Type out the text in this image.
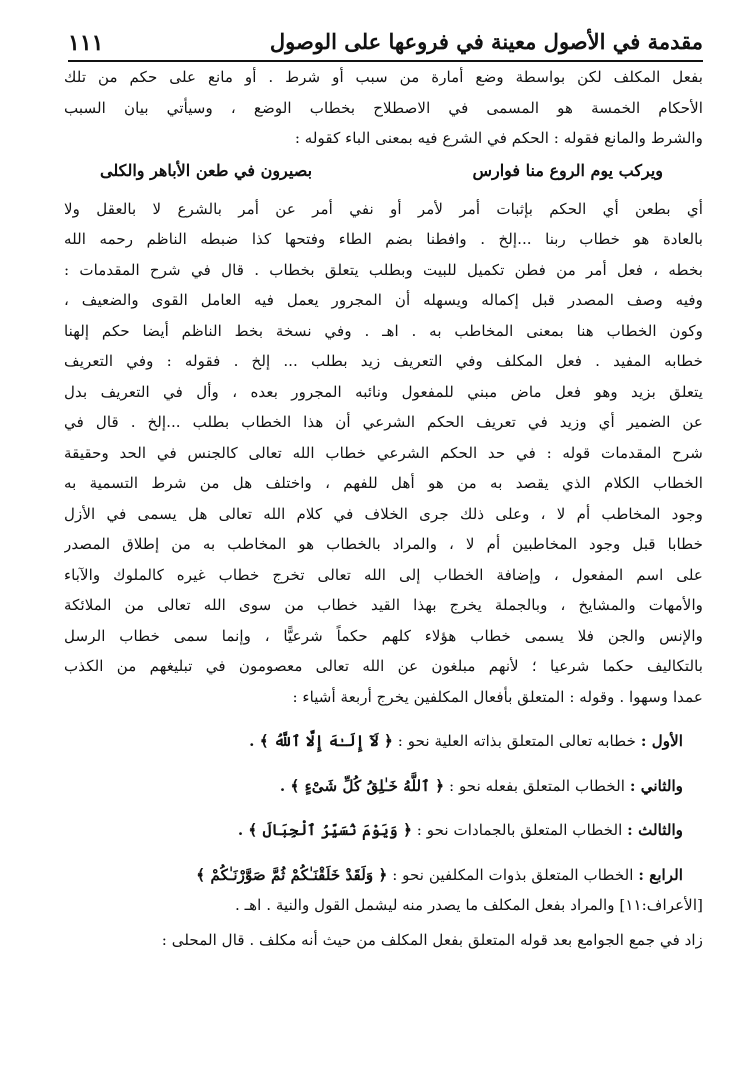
مقدمة في الأصول معينة في فروعها على الوصول
١١١
بفعل المكلف لكن بواسطة وضع أمارة من سبب أو شرط . أو مانع على حكم من تلك
الأحكام الخمسة هو المسمى في الاصطلاح بخطاب الوضع ، وسيأتي بيان السبب
والشرط والمانع فقوله : الحكم في الشرع فيه بمعنى الباء كقوله :
ويركب يوم الروع منا فوارس
بصيرون في طعن الأباهر والكلى
أي بطعن أي الحكم بإثبات أمر لأمر أو نفي أمر عن أمر بالشرع لا بالعقل ولا
بالعادة هو خطاب ربنا ...إلخ . وافطنا بضم الطاء وفتحها كذا ضبطه الناظم رحمه الله
بخطه ، فعل أمر من فطن تكميل للبيت وبطلب يتعلق بخطاب . قال في شرح المقدمات :
وفيه وصف المصدر قبل إكماله ويسهله أن المجرور يعمل فيه العامل القوى والضعيف ،
وكون الخطاب هنا بمعنى المخاطب به . اهـ . وفي نسخة بخط الناظم أيضا حكم إلهنا
خطابه المفيد . فعل المكلف وفي التعريف زيد بطلب ... إلخ . فقوله : وفي التعريف
يتعلق بزيد وهو فعل ماض مبني للمفعول ونائبه المجرور بعده ، وأل في التعريف بدل
عن الضمير أي وزيد في تعريف الحكم الشرعي أن هذا الخطاب بطلب ...إلخ . قال في
شرح المقدمات قوله : في حد الحكم الشرعي خطاب الله تعالى كالجنس في الحد وحقيقة
الخطاب الكلام الذي يقصد به من هو أهل للفهم ، واختلف هل من شرط التسمية به
وجود المخاطب أم لا ، وعلى ذلك جرى الخلاف في كلام الله تعالى هل يسمى في الأزل
خطابا قبل وجود المخاطبين أم لا ، والمراد بالخطاب هو المخاطب به من إطلاق المصدر
على اسم المفعول ، وإضافة الخطاب إلى الله تعالى تخرج خطاب غيره كالملوك والآباء
والأمهات والمشايخ ، وبالجملة يخرج بهذا القيد خطاب من سوى الله تعالى من الملائكة
والإنس والجن فلا يسمى خطاب هؤلاء كلهم حكماً شرعيًّا ، وإنما سمى خطاب الرسل
بالتكاليف حكما شرعيا ؛ لأنهم مبلغون عن الله تعالى معصومون في تبليغهم من الكذب
عمدا وسهوا . وقوله : المتعلق بأفعال المكلفين يخرج أربعة أشياء :
الأول : خطابه تعالى المتعلق بذاته العلية نحو : ﴿ لَآ إِلَـٰهَ إِلَّا ٱللَّهُ ﴾ .
والثاني : الخطاب المتعلق بفعله نحو : ﴿ ٱللَّهُ خَـٰلِقُ كُلِّ شَىْءٍ ﴾ .
والثالث : الخطاب المتعلق بالجمادات نحو : ﴿ وَيَوْمَ نُسَيِّرُ ٱلْجِبَالَ ﴾ .
الرابع : الخطاب المتعلق بذوات المكلفين نحو : ﴿ وَلَقَدْ خَلَقْنَـٰكُمْ ثُمَّ صَوَّرْنَـٰكُمْ ﴾
[الأعراف:١١] والمراد بفعل المكلف ما يصدر منه ليشمل القول والنية . اهـ .
زاد في جمع الجوامع بعد قوله المتعلق بفعل المكلف من حيث أنه مكلف . قال المحلى :
